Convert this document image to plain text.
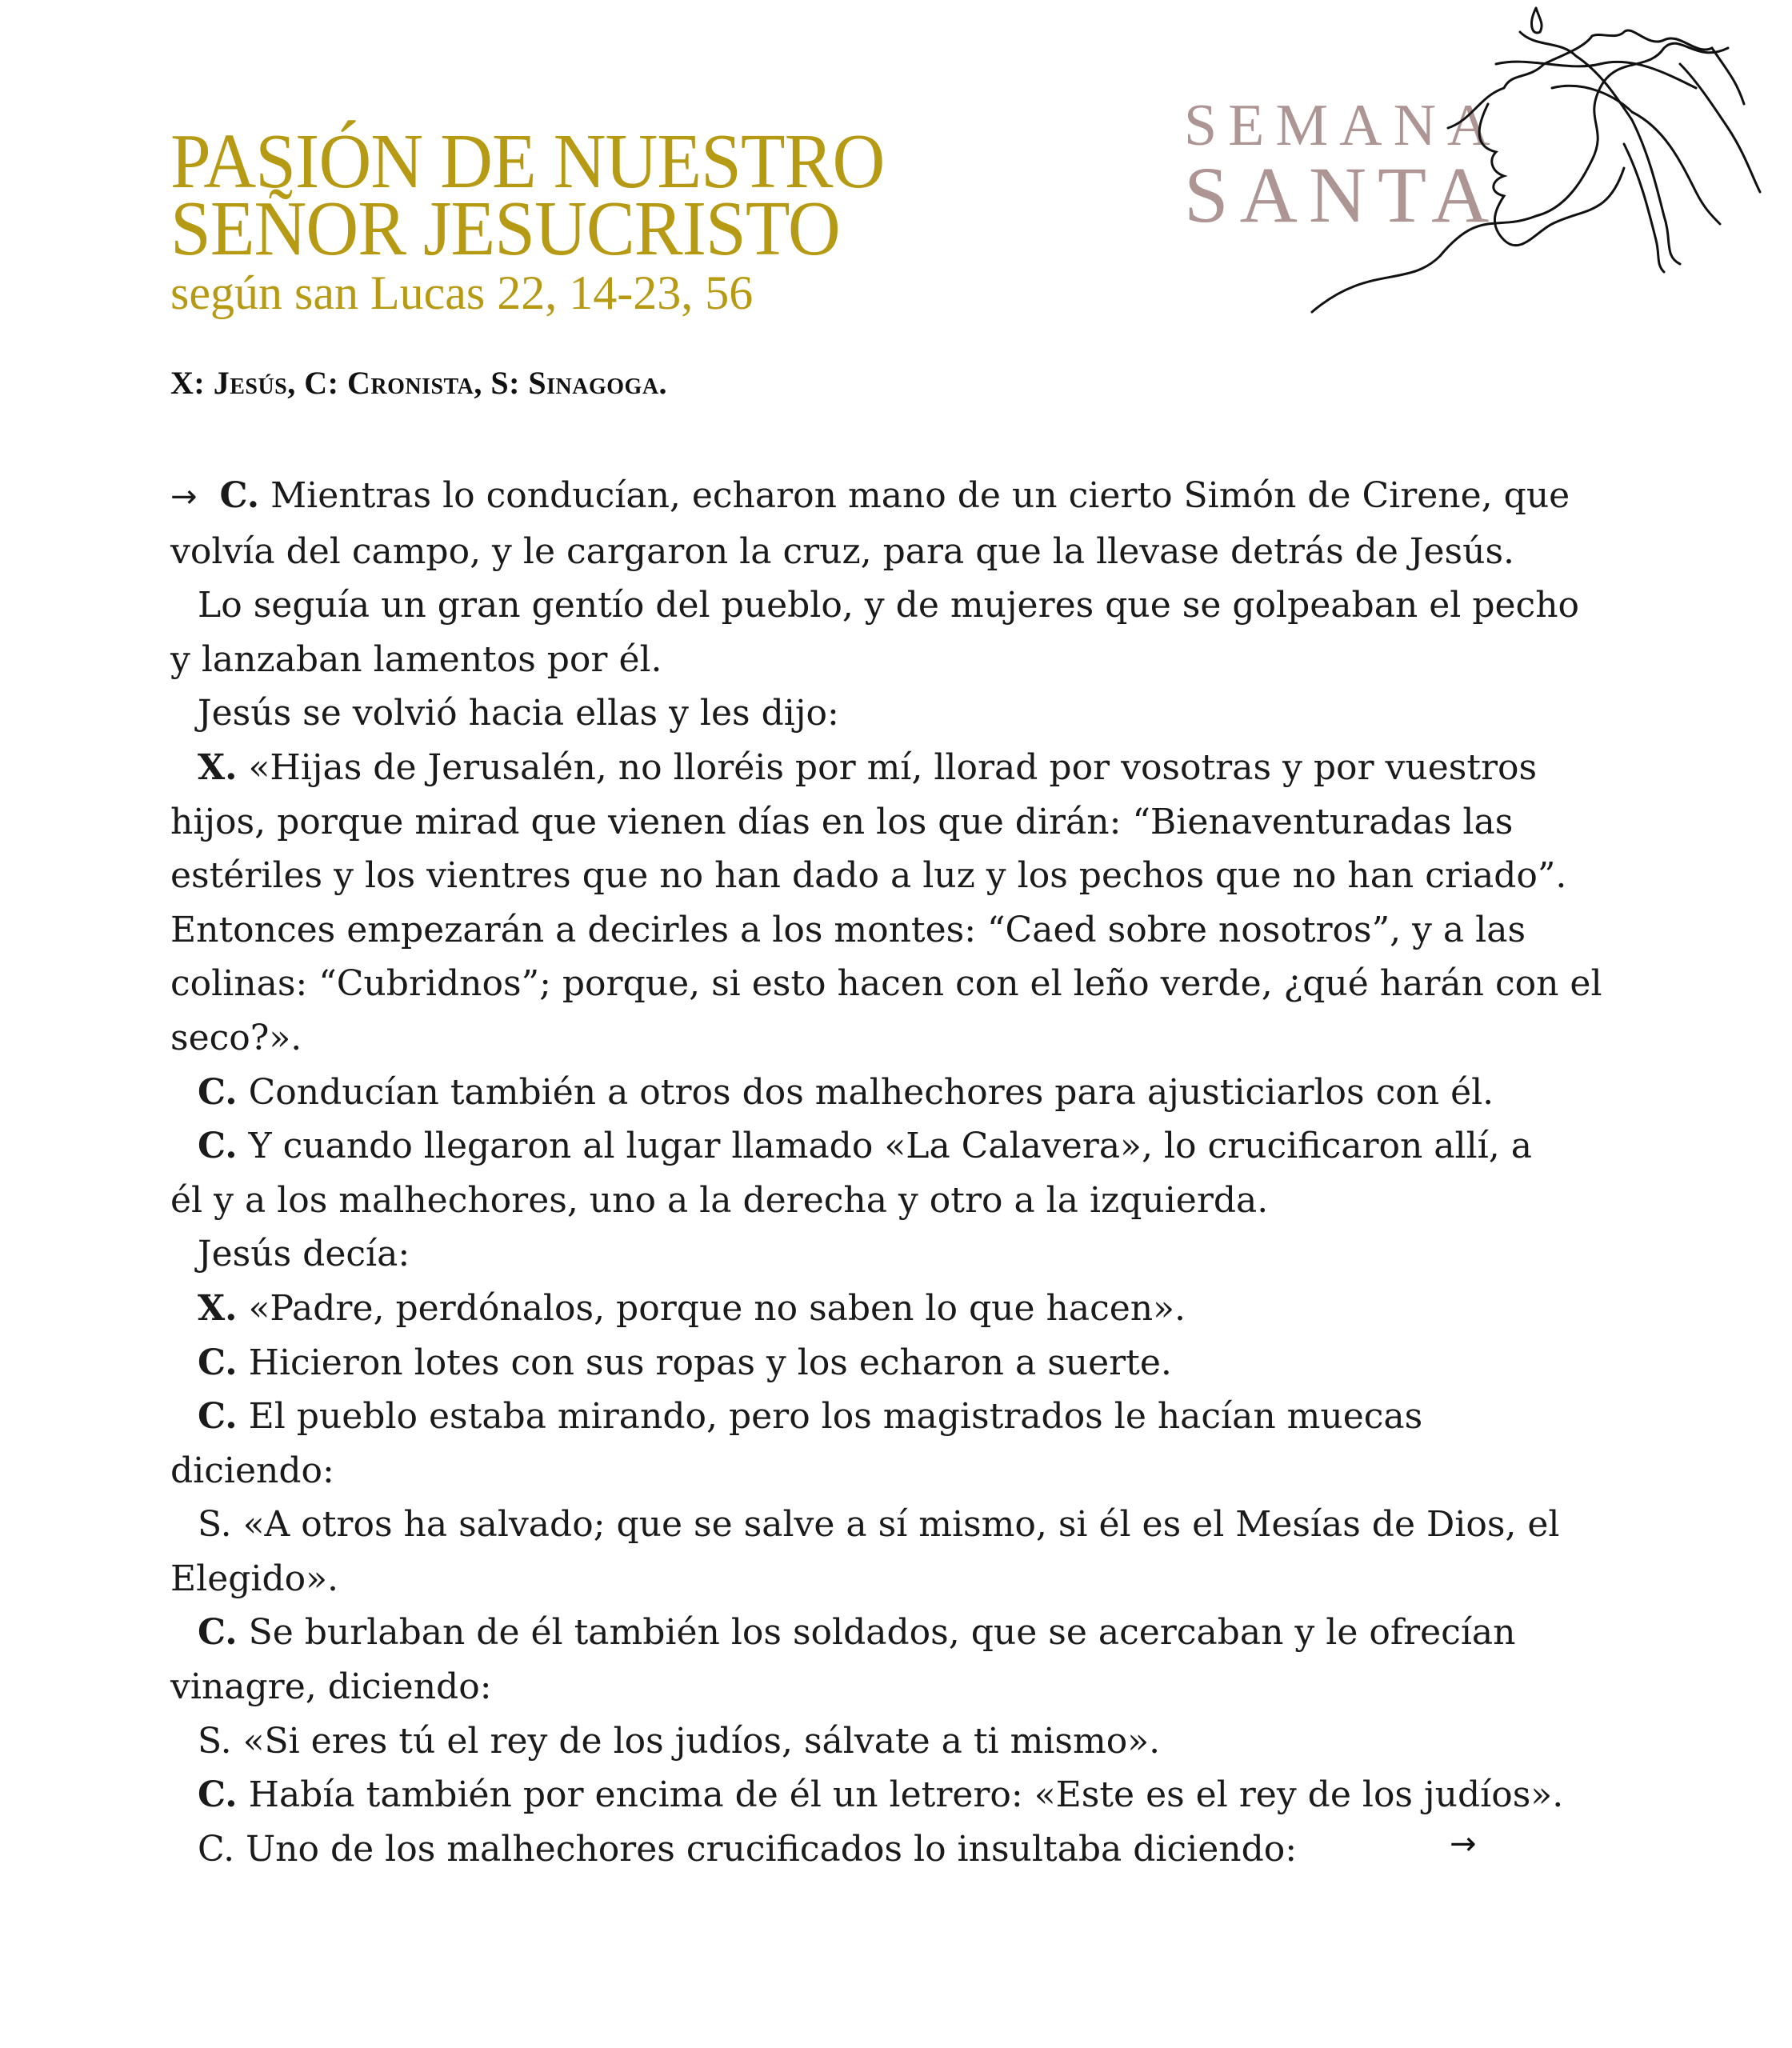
PASIÓN DE NUESTRO
SEÑOR JESUCRISTO
según san Lucas 22, 14-23, 56
X: Jesús, C: Cronista, S: Sinagoga.
SEMANA
SANTA

→ C. Mientras lo conducían, echaron mano de un cierto Simón de Cirene, que
volvía del campo, y le cargaron la cruz, para que la llevase detrás de Jesús.

Lo seguía un gran gentío del pueblo, y de mujeres que se golpeaban el pecho
y lanzaban lamentos por él.

Jesús se volvió hacia ellas y les dijo:

X. «Hijas de Jerusalén, no lloréis por mí, llorad por vosotras y por vuestros
hijos, porque mirad que vienen días en los que dirán: “Bienaventuradas las
estériles y los vientres que no han dado a luz y los pechos que no han criado”.
Entonces empezarán a decirles a los montes: “Caed sobre nosotros”, y a las
colinas: “Cubridnos”; porque, si esto hacen con el leño verde, ¿qué harán con el
seco?».

C. Conducían también a otros dos malhechores para ajusticiarlos con él.

C. Y cuando llegaron al lugar llamado «La Calavera», lo crucificaron allí, a
él y a los malhechores, uno a la derecha y otro a la izquierda.

Jesús decía:

X. «Padre, perdónalos, porque no saben lo que hacen».

C. Hicieron lotes con sus ropas y los echaron a suerte.

C. El pueblo estaba mirando, pero los magistrados le hacían muecas
diciendo:

S. «A otros ha salvado; que se salve a sí mismo, si él es el Mesías de Dios, el
Elegido».

C. Se burlaban de él también los soldados, que se acercaban y le ofrecían
vinagre, diciendo:

S. «Si eres tú el rey de los judíos, sálvate a ti mismo».

C. Había también por encima de él un letrero: «Este es el rey de los judíos».

C. Uno de los malhechores crucificados lo insultaba diciendo:	→
